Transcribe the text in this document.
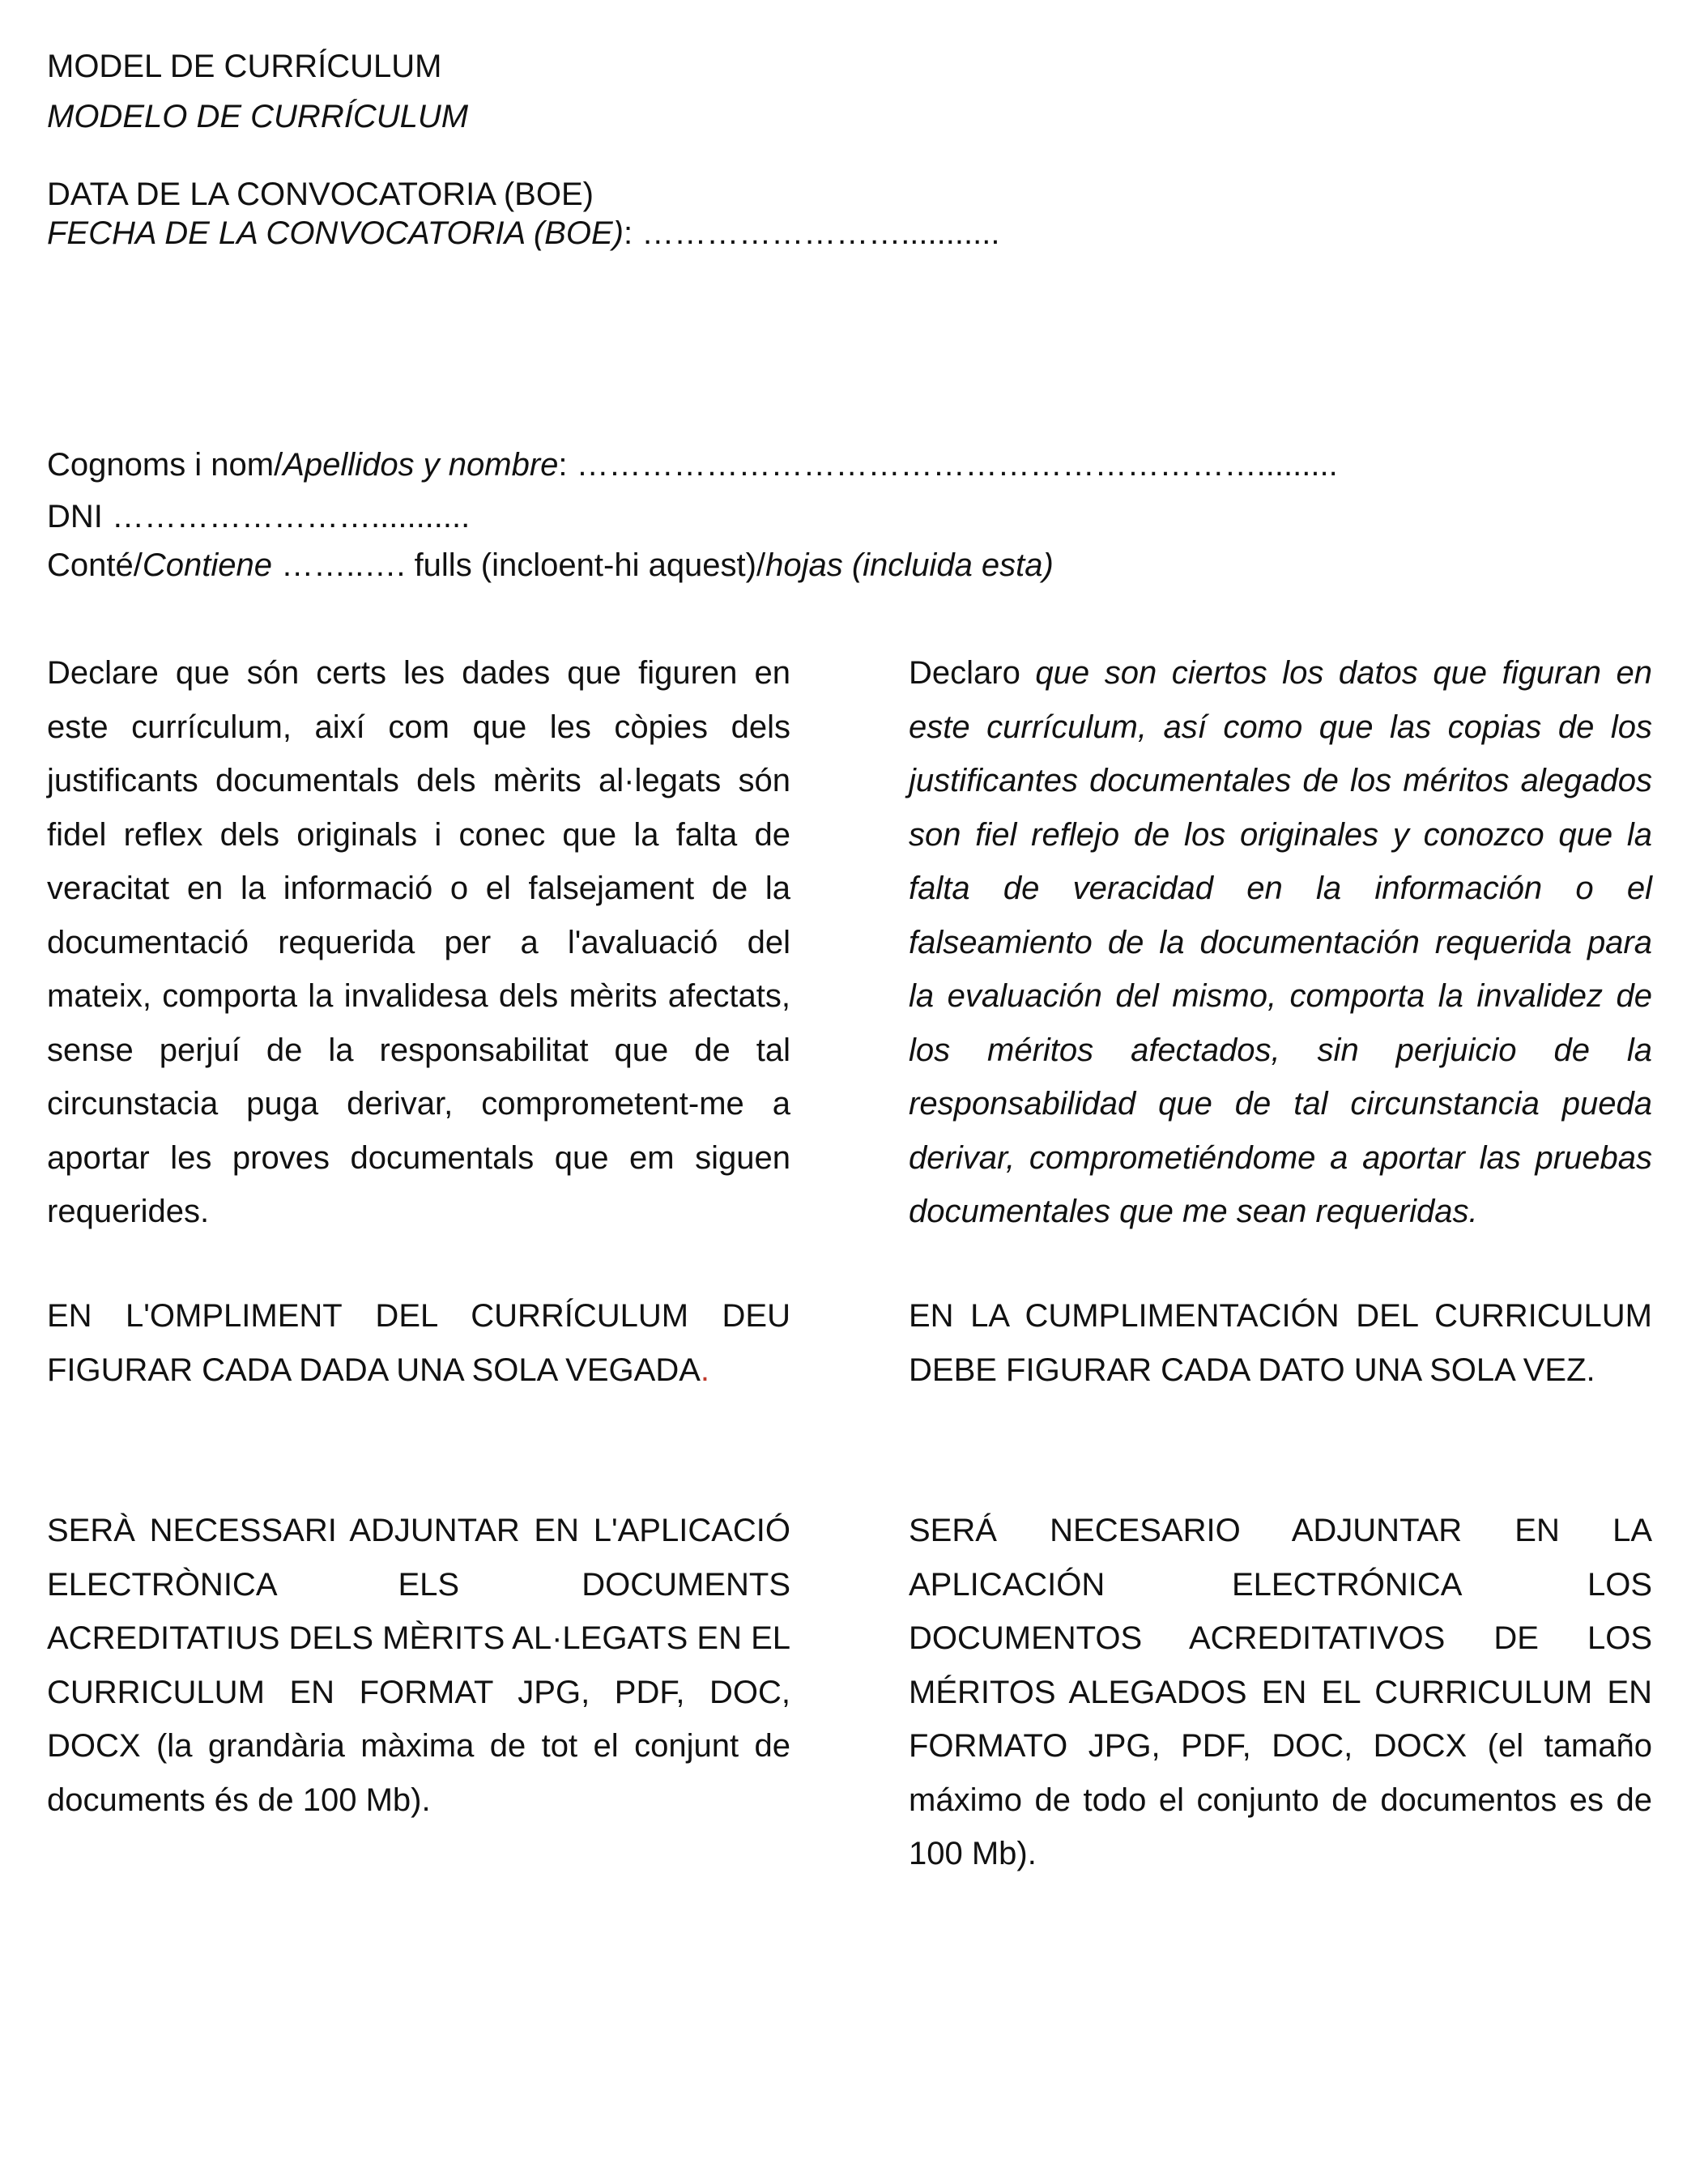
MODEL DE CURRÍCULUM

MODELO DE CURRÍCULUM

DATA DE LA CONVOCATORIA (BOE)

FECHA DE LA CONVOCATORIA (BOE): ……………………...........

Cognoms i nom/Apellidos y nombre: ……………………………………………………….........

DNI ……………………...........

Conté/Contiene ……..…. fulls (incloent-hi aquest)/hojas (incluida esta)

Declare que són certs les dades que figuren en este currículum, així com que les còpies dels justificants documentals dels mèrits al·legats són fidel reflex dels originals i conec que la falta de veracitat en la informació o el falsejament de la documentació requerida per a l'avaluació del mateix, comporta la invalidesa dels mèrits afectats, sense perjuí de la responsabilitat que de tal circunstacia puga derivar, comprometent-me a aportar les proves documentals que em siguen requerides.

Declaro que son ciertos los datos que figuran en este currículum, así como que las copias de los justificantes documentales de los méritos alegados son fiel reflejo de los originales y conozco que la falta de veracidad en la información o el falseamiento de la documentación requerida para la evaluación del mismo, comporta la invalidez de los méritos afectados, sin perjuicio de la responsabilidad que de tal circunstancia pueda derivar, comprometiéndome a aportar las pruebas documentales que me sean requeridas.

EN L'OMPLIMENT DEL CURRÍCULUM DEU FIGURAR CADA DADA UNA SOLA VEGADA.

EN LA CUMPLIMENTACIÓN DEL CURRICULUM DEBE FIGURAR CADA DATO UNA SOLA VEZ.

SERÀ NECESSARI ADJUNTAR EN L'APLICACIÓ ELECTRÒNICA ELS DOCUMENTS ACREDITATIUS DELS MÈRITS AL·LEGATS EN EL CURRICULUM EN FORMAT JPG, PDF, DOC, DOCX (la grandària màxima de tot el conjunt de documents és de 100 Mb).

SERÁ NECESARIO ADJUNTAR EN LA APLICACIÓN ELECTRÓNICA LOS DOCUMENTOS ACREDITATIVOS DE LOS MÉRITOS ALEGADOS EN EL CURRICULUM EN FORMATO JPG, PDF, DOC, DOCX (el tamaño máximo de todo el conjunto de documentos es de 100 Mb).
